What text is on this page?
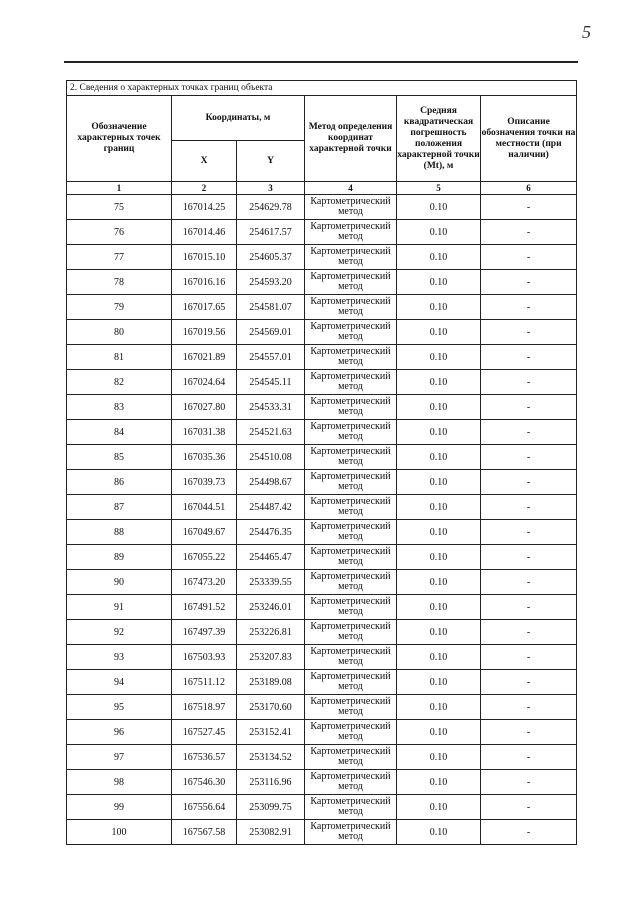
5
2. Сведения о характерных точках границ объекта					
Обозначение характерных точек границ	Координаты, м		Метод определения координат характерной точки	Средняя квадратическая погрешность положения характерной точки (Mt), м	Описание обозначения точки на местности (при наличии)
	X	Y			
1	2	3	4	5	6
75	167014.25	254629.78	Картометрический метод	0.10	-
76	167014.46	254617.57	Картометрический метод	0.10	-
77	167015.10	254605.37	Картометрический метод	0.10	-
78	167016.16	254593.20	Картометрический метод	0.10	-
79	167017.65	254581.07	Картометрический метод	0.10	-
80	167019.56	254569.01	Картометрический метод	0.10	-
81	167021.89	254557.01	Картометрический метод	0.10	-
82	167024.64	254545.11	Картометрический метод	0.10	-
83	167027.80	254533.31	Картометрический метод	0.10	-
84	167031.38	254521.63	Картометрический метод	0.10	-
85	167035.36	254510.08	Картометрический метод	0.10	-
86	167039.73	254498.67	Картометрический метод	0.10	-
87	167044.51	254487.42	Картометрический метод	0.10	-
88	167049.67	254476.35	Картометрический метод	0.10	-
89	167055.22	254465.47	Картометрический метод	0.10	-
90	167473.20	253339.55	Картометрический метод	0.10	-
91	167491.52	253246.01	Картометрический метод	0.10	-
92	167497.39	253226.81	Картометрический метод	0.10	-
93	167503.93	253207.83	Картометрический метод	0.10	-
94	167511.12	253189.08	Картометрический метод	0.10	-
95	167518.97	253170.60	Картометрический метод	0.10	-
96	167527.45	253152.41	Картометрический метод	0.10	-
97	167536.57	253134.52	Картометрический метод	0.10	-
98	167546.30	253116.96	Картометрический метод	0.10	-
99	167556.64	253099.75	Картометрический метод	0.10	-
100	167567.58	253082.91	Картометрический метод	0.10	-
